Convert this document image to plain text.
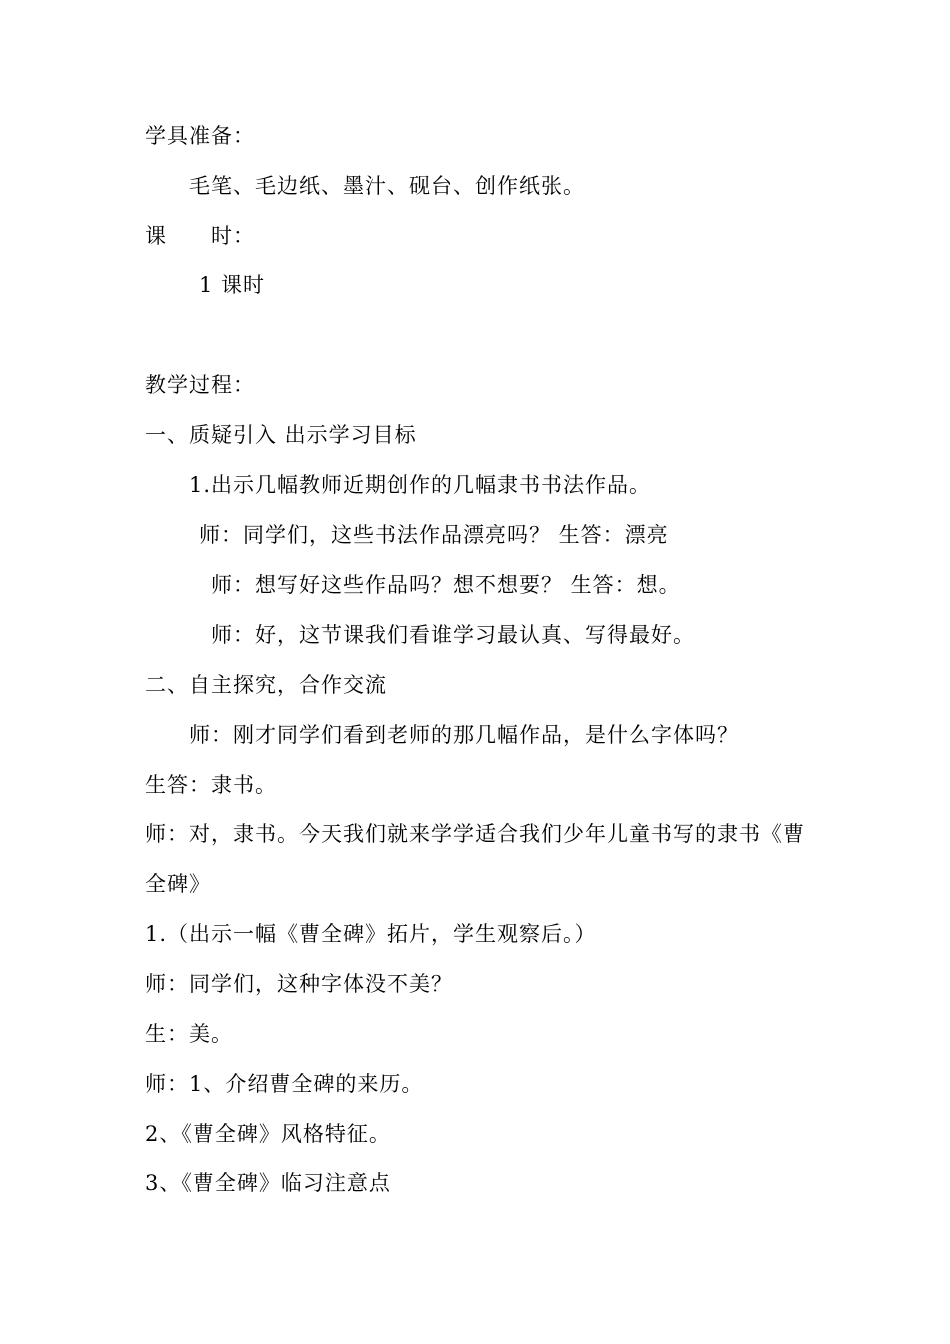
学具准备：
毛笔、毛边纸、墨汁、砚台、创作纸张。
课　　时：
1 课时
教学过程：
一、质疑引入 出示学习目标
1.出示几幅教师近期创作的几幅隶书书法作品。
师：同学们，这些书法作品漂亮吗？ 生答：漂亮
师：想写好这些作品吗？想不想要？ 生答：想。
师：好，这节课我们看谁学习最认真、写得最好。
二、自主探究，合作交流
师：刚才同学们看到老师的那几幅作品，是什么字体吗？
生答：隶书。
师：对，隶书。今天我们就来学学适合我们少年儿童书写的隶书《曹
全碑》
1.（出示一幅《曹全碑》拓片，学生观察后。）
师：同学们，这种字体没不美？
生：美。
师：1、介绍曹全碑的来历。
2、《曹全碑》风格特征。
3、《曹全碑》临习注意点
